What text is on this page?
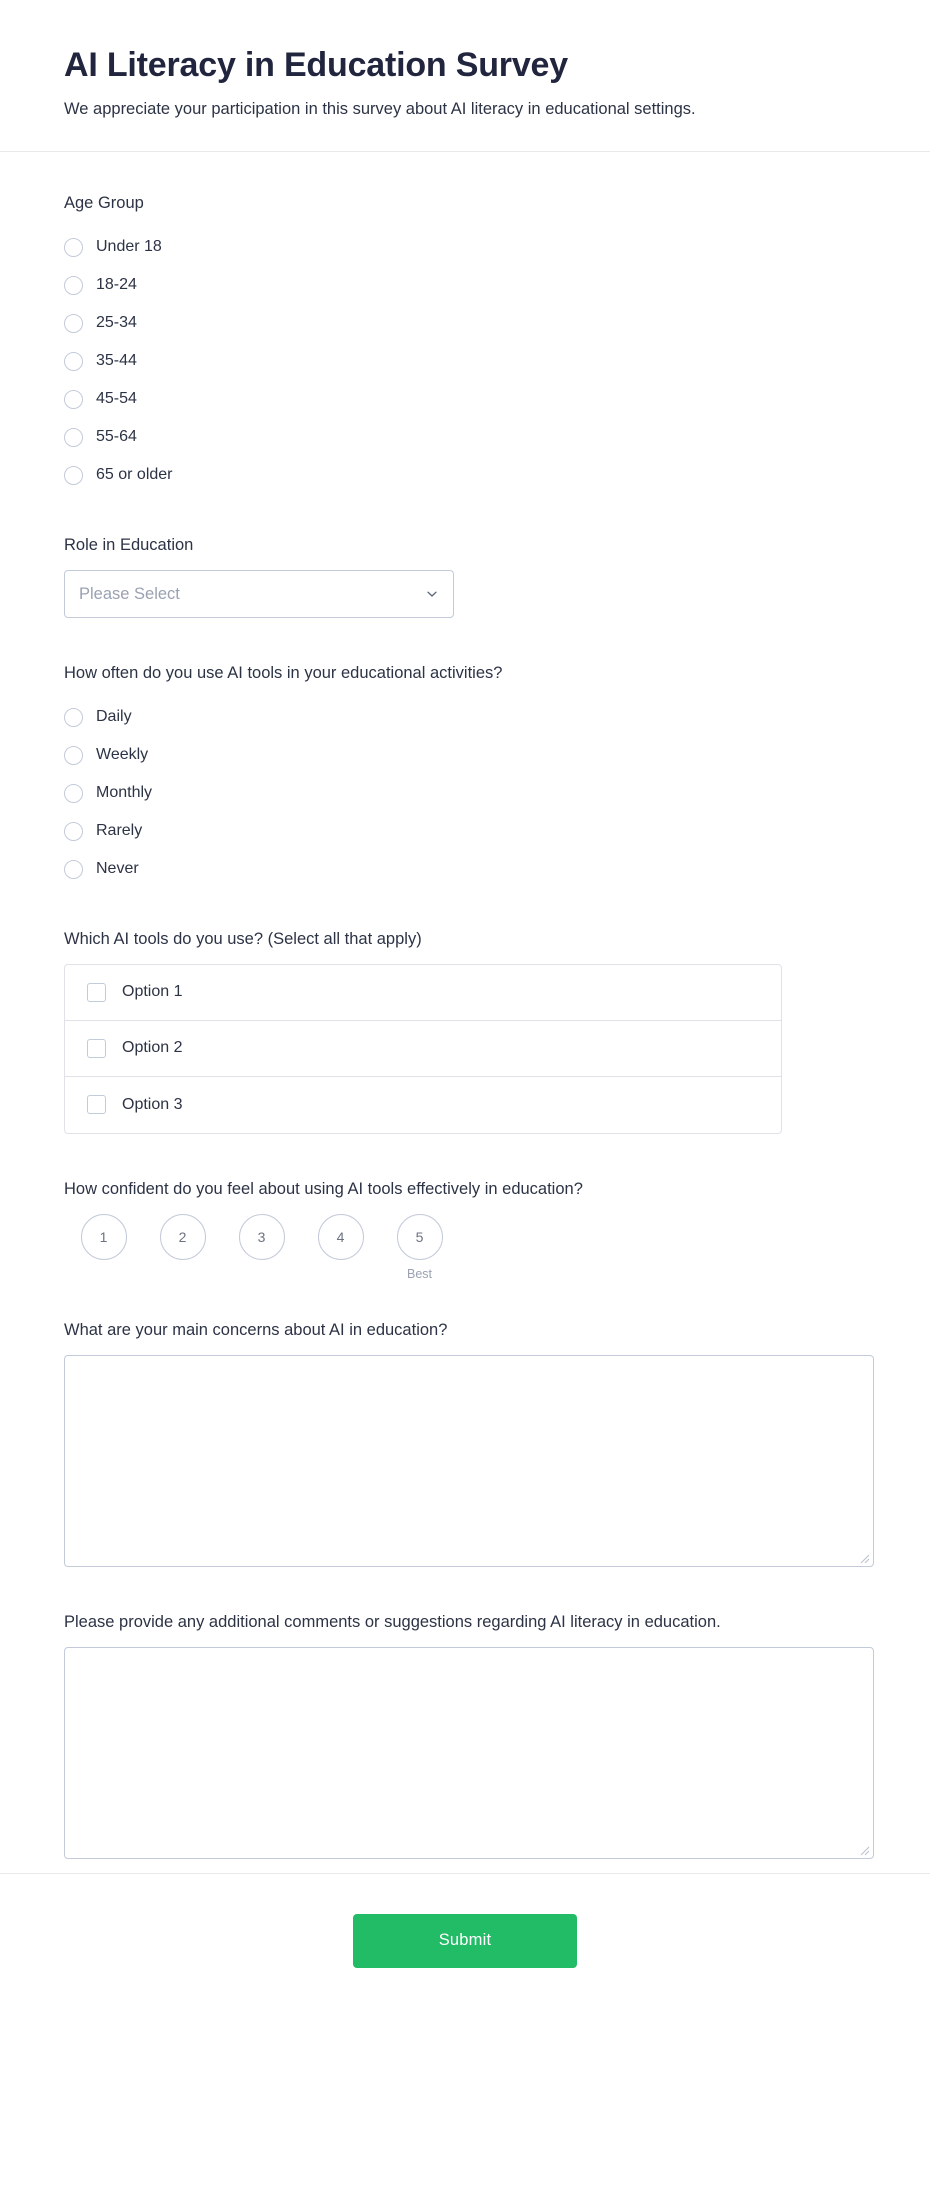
AI Literacy in Education Survey

We appreciate your participation in this survey about AI literacy in educational settings.

Age Group
Under 18
18-24
25-34
35-44
45-54
55-64
65 or older
Role in Education
Please Select
How often do you use AI tools in your educational activities?
Daily
Weekly
Monthly
Rarely
Never
Which AI tools do you use? (Select all that apply)
Option 1
Option 2
Option 3
How confident do you feel about using AI tools effectively in education?
1	2	3	4	5
Best
What are your main concerns about AI in education?
Please provide any additional comments or suggestions regarding AI literacy in education.
Submit
